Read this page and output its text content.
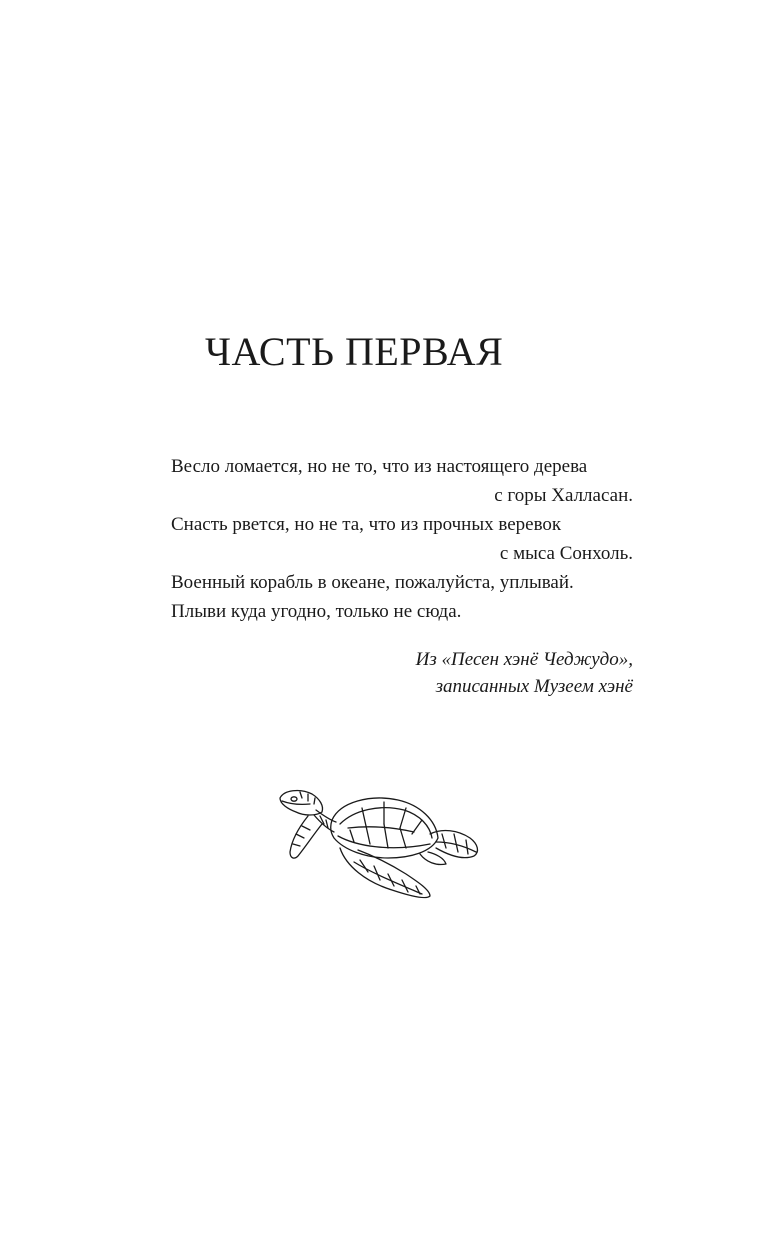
ЧАСТЬ ПЕРВАЯ
Весло ломается, но не то, что из настоящего дерева
с горы Халласан.
Снасть рвется, но не та, что из прочных веревок
с мыса Сонхоль.
Военный корабль в океане, пожалуйста, уплывай.
Плыви куда угодно, только не сюда.
Из «Песен хэнё Чеджудо»,
записанных Музеем хэнё
